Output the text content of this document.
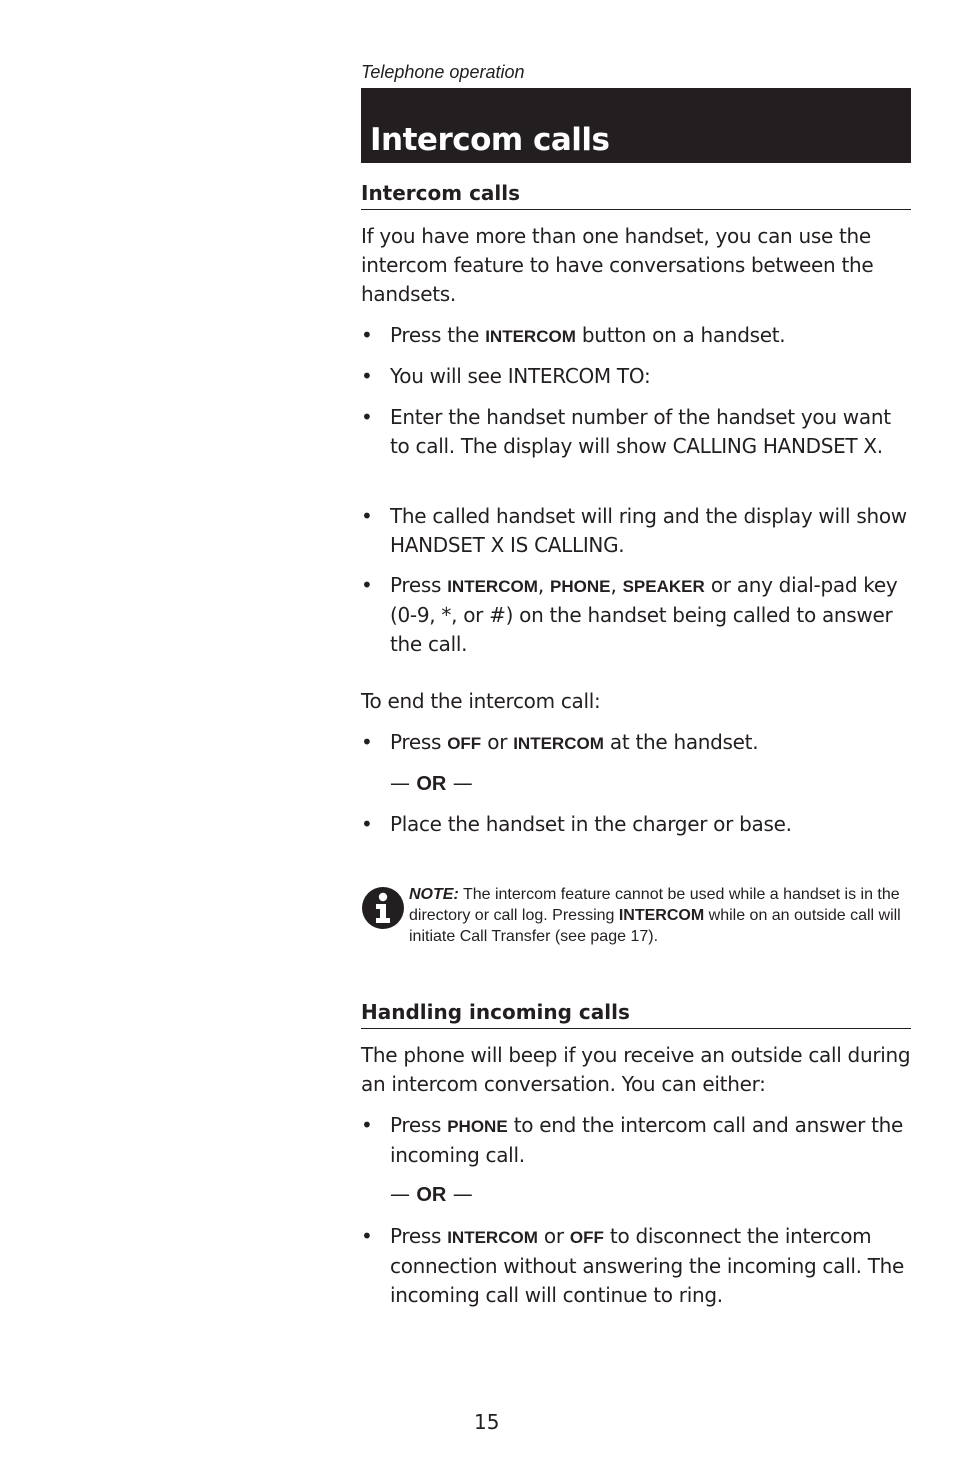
Telephone operation
Intercom calls
Intercom calls
If you have more than one handset, you can use the intercom feature to have conversations between the handsets.
• Press the INTERCOM button on a handset.
• You will see INTERCOM TO:
• Enter the handset number of the handset you want to call. The display will show CALLING HANDSET X.
• The called handset will ring and the display will show HANDSET X IS CALLING.
• Press INTERCOM, PHONE, SPEAKER or any dial-pad key (0-9, *, or #) on the handset being called to answer the call.
To end the intercom call:
• Press OFF or INTERCOM at the handset.
— OR —
• Place the handset in the charger or base.
NOTE: The intercom feature cannot be used while a handset is in the directory or call log. Pressing INTERCOM while on an outside call will initiate Call Transfer (see page 17).
Handling incoming calls
The phone will beep if you receive an outside call during an intercom conversation. You can either:
• Press PHONE to end the intercom call and answer the incoming call.
— OR —
• Press INTERCOM or OFF to disconnect the intercom connection without answering the incoming call. The incoming call will continue to ring.
15
